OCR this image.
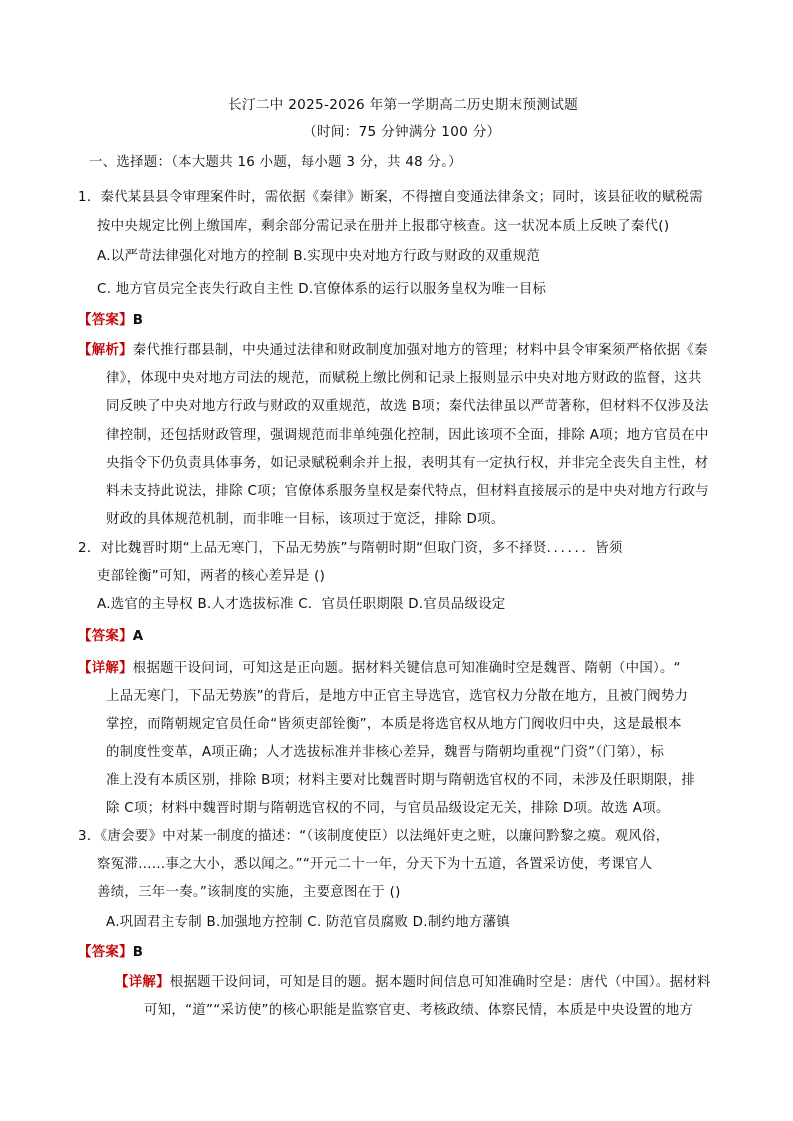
长汀二中 2025-2026 年第一学期高二历史期末预测试题
（时间：75 分钟满分 100 分）
一、选择题：（本大题共 16 小题，每小题 3 分，共 48 分。）
1．秦代某县县令审理案件时，需依据《秦律》断案，不得擅自变通法律条文；同时，该县征收的赋税需
按中央规定比例上缴国库，剩余部分需记录在册并上报郡守核查。这一状况本质上反映了秦代()
A.以严苛法律强化对地方的控制 B.实现中央对地方行政与财政的双重规范
C. 地方官员完全丧失行政自主性 D.官僚体系的运行以服务皇权为唯一目标
【答案】B
【解析】秦代推行郡县制，中央通过法律和财政制度加强对地方的管理；材料中县令审案须严格依据《秦
律》，体现中央对地方司法的规范，而赋税上缴比例和记录上报则显示中央对地方财政的监督，这共
同反映了中央对地方行政与财政的双重规范，故选 B项；秦代法律虽以严苛著称，但材料不仅涉及法
律控制，还包括财政管理，强调规范而非单纯强化控制，因此该项不全面，排除 A项；地方官员在中
央指令下仍负责具体事务，如记录赋税剩余并上报，表明其有一定执行权，并非完全丧失自主性，材
料未支持此说法，排除 C项；官僚体系服务皇权是秦代特点，但材料直接展示的是中央对地方行政与
财政的具体规范机制，而非唯一目标，该项过于宽泛，排除 D项。
2．对比魏晋时期“上品无寒门，下品无势族”与隋朝时期“但取门资，多不择贤．．．．．．皆须
吏部铨衡”可知，两者的核心差异是 ()
A.选官的主导权 B.人才选拔标准 C．官员任职期限 D.官员品级设定
【答案】A
【详解】根据题干设问词，可知这是正向题。据材料关键信息可知准确时空是魏晋、隋朝（中国）。“
上品无寒门，下品无势族”的背后，是地方中正官主导选官，选官权力分散在地方，且被门阀势力
掌控，而隋朝规定官员任命“皆须吏部铨衡”，本质是将选官权从地方门阀收归中央，这是最根本
的制度性变革，A项正确；人才选拔标准并非核心差异，魏晋与隋朝均重视“门资”（门第），标
准上没有本质区别，排除 B项；材料主要对比魏晋时期与隋朝选官权的不同，未涉及任职期限，排
除 C项；材料中魏晋时期与隋朝选官权的不同，与官员品级设定无关，排除 D项。故选 A项。
3．《唐会要》中对某一制度的描述：“（该制度使臣）以法绳奸吏之赃，以廉问黔黎之瘼。观风俗，
察冤滞……事之大小，悉以闻之。”“开元二十一年，分天下为十五道，各置采访使，考课官人
善绩，三年一奏。”该制度的实施，主要意图在于 ()
A.巩固君主专制 B.加强地方控制 C. 防范官员腐败 D.制约地方藩镇
【答案】B
【详解】根据题干设问词，可知是目的题。据本题时间信息可知准确时空是：唐代（中国）。据材料
可知，“道”“采访使”的核心职能是监察官吏、考核政绩、体察民情，本质是中央设置的地方
